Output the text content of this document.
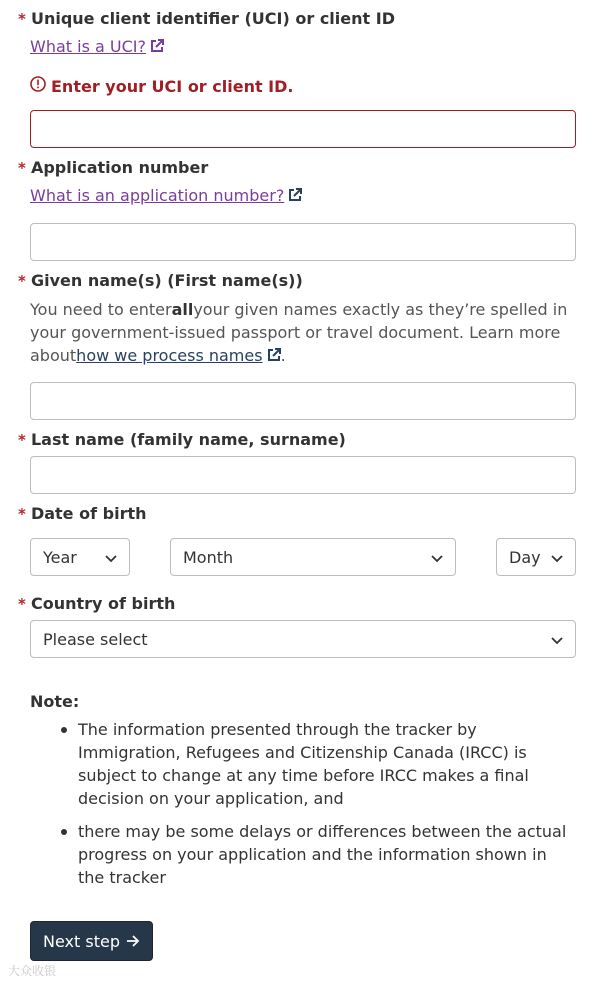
* Unique client identifier (UCI) or client ID
What is a UCI?
Enter your UCI or client ID.
* Application number
What is an application number?
* Given name(s) (First name(s))
You need to enterallyour given names exactly as they’re spelled in your government-issued passport or travel document. Learn more abouthow we process names .
* Last name (family name, surname)
* Date of birth
Year	Month	Day
* Country of birth
Please select
Note:
The information presented through the tracker by Immigration, Refugees and Citizenship Canada (IRCC) is subject to change at any time before IRCC makes a final decision on your application, and
there may be some delays or differences between the actual progress on your application and the information shown in the tracker
Next step
大众收银
